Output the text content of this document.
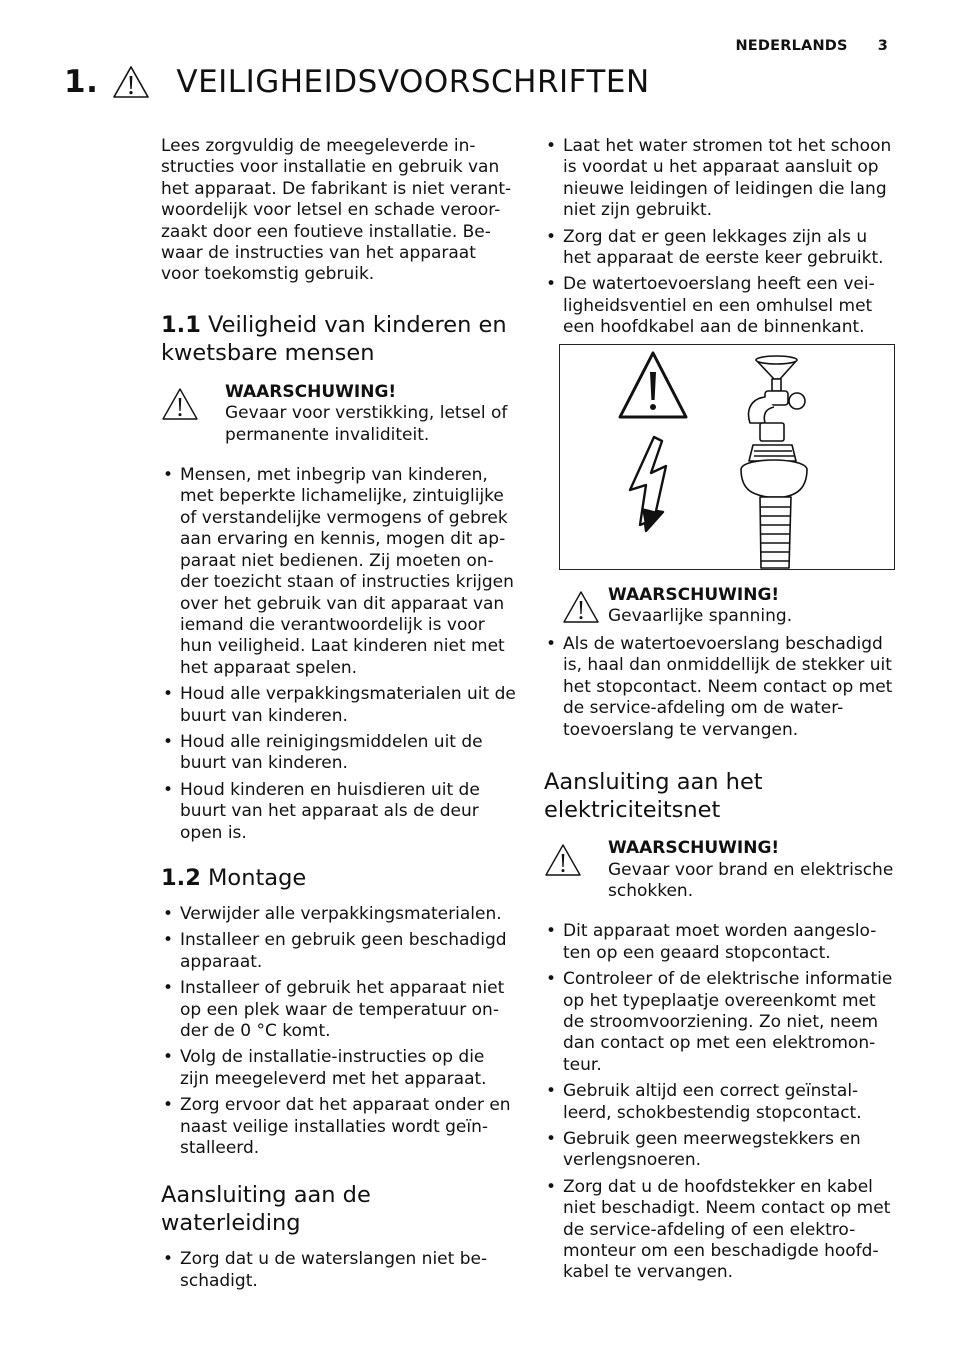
NEDERLANDS 3
1.	VEILIGHEIDSVOORSCHRIFTEN

Lees zorgvuldig de meegeleverde in- structies voor installatie en gebruik van het apparaat. De fabrikant is niet verant- woordelijk voor letsel en schade veroor- zaakt door een foutieve installatie. Be- waar de instructies van het apparaat voor toekomstig gebruik.

1.1 Veiligheid van kinderen en kwetsbare mensen
WAARSCHUWING!
Gevaar voor verstikking, letsel of permanente invaliditeit.
• Mensen, met inbegrip van kinderen, met beperkte lichamelijke, zintuiglijke of verstandelijke vermogens of gebrek aan ervaring en kennis, mogen dit ap- paraat niet bedienen. Zij moeten on- der toezicht staan of instructies krijgen over het gebruik van dit apparaat van iemand die verantwoordelijk is voor hun veiligheid. Laat kinderen niet met het apparaat spelen.
• Houd alle verpakkingsmaterialen uit de buurt van kinderen.
• Houd alle reinigingsmiddelen uit de buurt van kinderen.
• Houd kinderen en huisdieren uit de buurt van het apparaat als de deur open is.
1.2 Montage
• Verwijder alle verpakkingsmaterialen.
• Installeer en gebruik geen beschadigd apparaat.
• Installeer of gebruik het apparaat niet op een plek waar de temperatuur on- der de 0 °C komt.
• Volg de installatie-instructies op die zijn meegeleverd met het apparaat.
• Zorg ervoor dat het apparaat onder en naast veilige installaties wordt geïn- stalleerd.
Aansluiting aan de waterleiding
• Zorg dat u de waterslangen niet be- schadigt.
• Laat het water stromen tot het schoon is voordat u het apparaat aansluit op nieuwe leidingen of leidingen die lang niet zijn gebruikt.
• Zorg dat er geen lekkages zijn als u het apparaat de eerste keer gebruikt.
• De watertoevoerslang heeft een vei- ligheidsventiel en een omhulsel met een hoofdkabel aan de binnenkant.
WAARSCHUWING!
Gevaarlijke spanning.
• Als de watertoevoerslang beschadigd is, haal dan onmiddellijk de stekker uit het stopcontact. Neem contact op met de service-afdeling om de water- toevoerslang te vervangen.
Aansluiting aan het elektriciteitsnet
WAARSCHUWING!
Gevaar voor brand en elektrische schokken.
• Dit apparaat moet worden aangeslo- ten op een geaard stopcontact.
• Controleer of de elektrische informatie op het typeplaatje overeenkomt met de stroomvoorziening. Zo niet, neem dan contact op met een elektromon- teur.
• Gebruik altijd een correct geïnstal- leerd, schokbestendig stopcontact.
• Gebruik geen meerwegstekkers en verlengsnoeren.
• Zorg dat u de hoofdstekker en kabel niet beschadigt. Neem contact op met de service-afdeling of een elektro- monteur om een beschadigde hoofd- kabel te vervangen.
